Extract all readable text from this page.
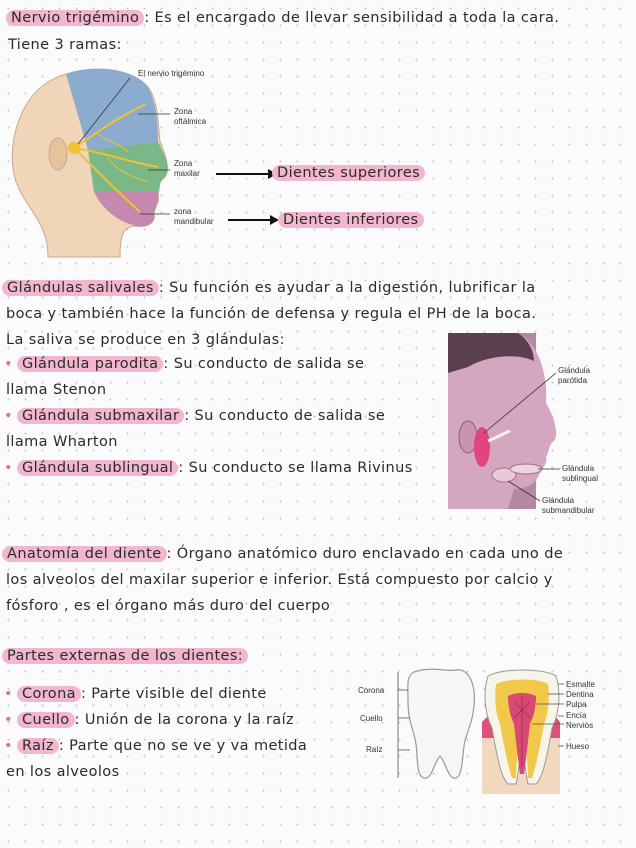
Nervio trigémino : Es el encargado de llevar sensibilidad a toda la cara.
Tiene 3 ramas:
El nervio trigémino
Zona
oftálmica
Zona
maxilar
zona
mandibular
Dientes superiores
Dientes inferiores
Glándulas salivales : Su función es ayudar a la digestión, lubrificar la
boca y también hace la función de defensa y regula el PH de la boca.
La saliva se produce en 3 glándulas:
• Glándula parodita : Su conducto de salida se
llama Stenon
• Glándula submaxilar : Su conducto de salida se
llama Wharton
• Glándula sublingual : Su conducto se llama Rivinus
Glándula
parótida
Glándula
sublingual
Glándula
submandibular
Anatomía del diente : Órgano anatómico duro enclavado en cada uno de
los alveolos del maxilar superior e inferior. Está compuesto por calcio y
fósforo , es el órgano más duro del cuerpo
Partes externas de los dientes:
• Corona : Parte visible del diente
• Cuello : Unión de la corona y la raíz
• Raíz : Parte que no se ve y va metida
en los alveolos
Corona
Cuello
Raíz
Esmalte
Dentina
Pulpa
Encía
Nervios
Hueso
